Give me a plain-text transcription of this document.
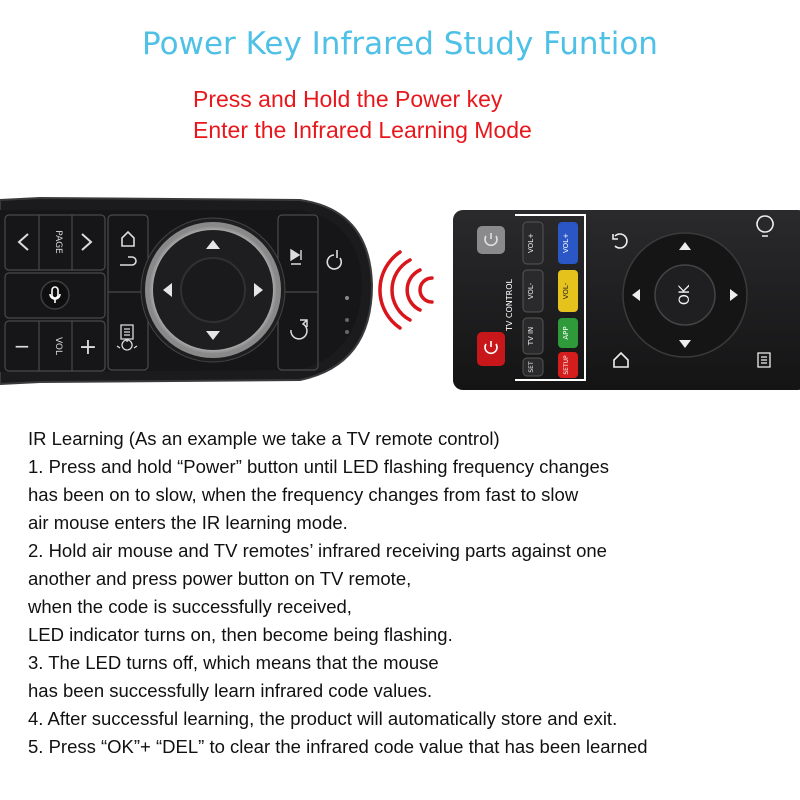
Power Key Infrared Study Funtion
Press and Hold the Power key
Enter the Infrared Learning Mode
PAGE
−	VOL +
TV CONTROL
VOL+
VOL-
TV IN
SET
VOL+
VOL-
APP
SETUP
OK
IR Learning (As an example we take a TV remote control)
1. Press and hold “Power” button until LED flashing frequency changes
has been on to slow, when the frequency changes from fast to slow
air mouse enters the IR learning mode.
2. Hold air mouse and TV remotes’ infrared receiving parts against one
another and press power button on TV remote,
when the code is successfully received,
LED indicator turns on, then become being flashing.
3. The LED turns off, which means that the mouse
has been successfully learn infrared code values.
4. After successful learning, the product will automatically store and exit.
5. Press “OK”+ “DEL” to clear the infrared code value that has been learned
